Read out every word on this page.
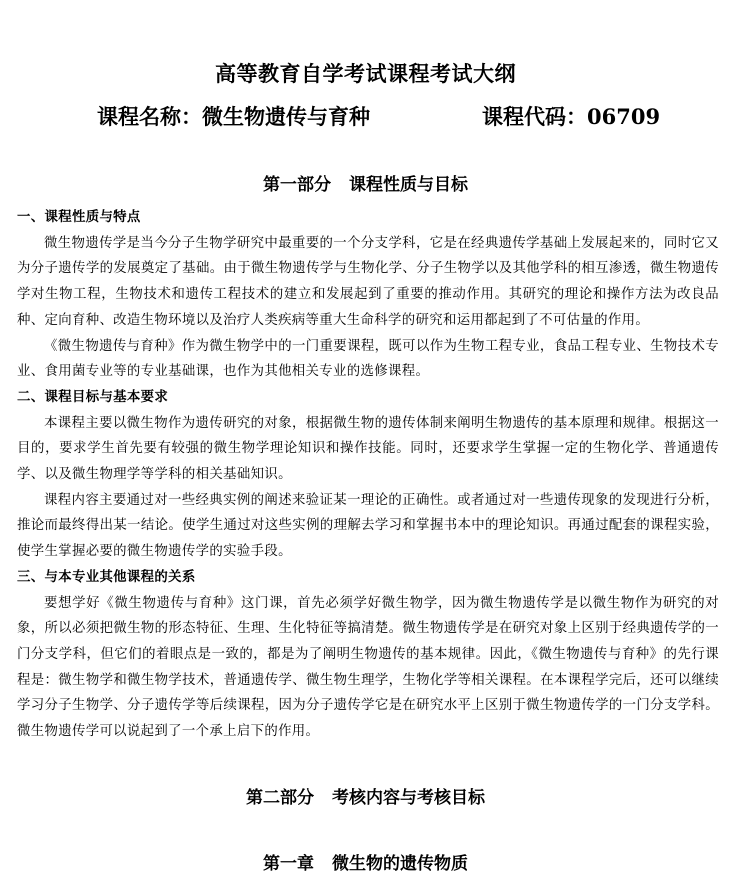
高等教育自学考试课程考试大纲
课程名称：微生物遗传与育种	课程代码：06709
第一部分 课程性质与目标

一、课程性质与特点

微生物遗传学是当今分子生物学研究中最重要的一个分支学科，它是在经典遗传学基础上发展起来的，同时它又为分子遗传学的发展奠定了基础。由于微生物遗传学与生物化学、分子生物学以及其他学科的相互渗透，微生物遗传学对生物工程，生物技术和遗传工程技术的建立和发展起到了重要的推动作用。其研究的理论和操作方法为改良品种、定向育种、改造生物环境以及治疗人类疾病等重大生命科学的研究和运用都起到了不可估量的作用。

《微生物遗传与育种》作为微生物学中的一门重要课程，既可以作为生物工程专业，食品工程专业、生物技术专业、食用菌专业等的专业基础课，也作为其他相关专业的选修课程。

二、课程目标与基本要求

本课程主要以微生物作为遗传研究的对象，根据微生物的遗传体制来阐明生物遗传的基本原理和规律。根据这一目的，要求学生首先要有较强的微生物学理论知识和操作技能。同时，还要求学生掌握一定的生物化学、普通遗传学、以及微生物理学等学科的相关基础知识。

课程内容主要通过对一些经典实例的阐述来验证某一理论的正确性。或者通过对一些遗传现象的发现进行分析，推论而最终得出某一结论。使学生通过对这些实例的理解去学习和掌握书本中的理论知识。再通过配套的课程实验，使学生掌握必要的微生物遗传学的实验手段。

三、与本专业其他课程的关系

要想学好《微生物遗传与育种》这门课，首先必须学好微生物学，因为微生物遗传学是以微生物作为研究的对象，所以必须把微生物的形态特征、生理、生化特征等搞清楚。微生物遗传学是在研究对象上区别于经典遗传学的一门分支学科，但它们的着眼点是一致的，都是为了阐明生物遗传的基本规律。因此，《微生物遗传与育种》的先行课程是：微生物学和微生物学技术，普通遗传学、微生物生理学，生物化学等相关课程。在本课程学完后，还可以继续学习分子生物学、分子遗传学等后续课程，因为分子遗传学它是在研究水平上区别于微生物遗传学的一门分支学科。微生物遗传学可以说起到了一个承上启下的作用。

第二部分 考核内容与考核目标
第一章 微生物的遗传物质
